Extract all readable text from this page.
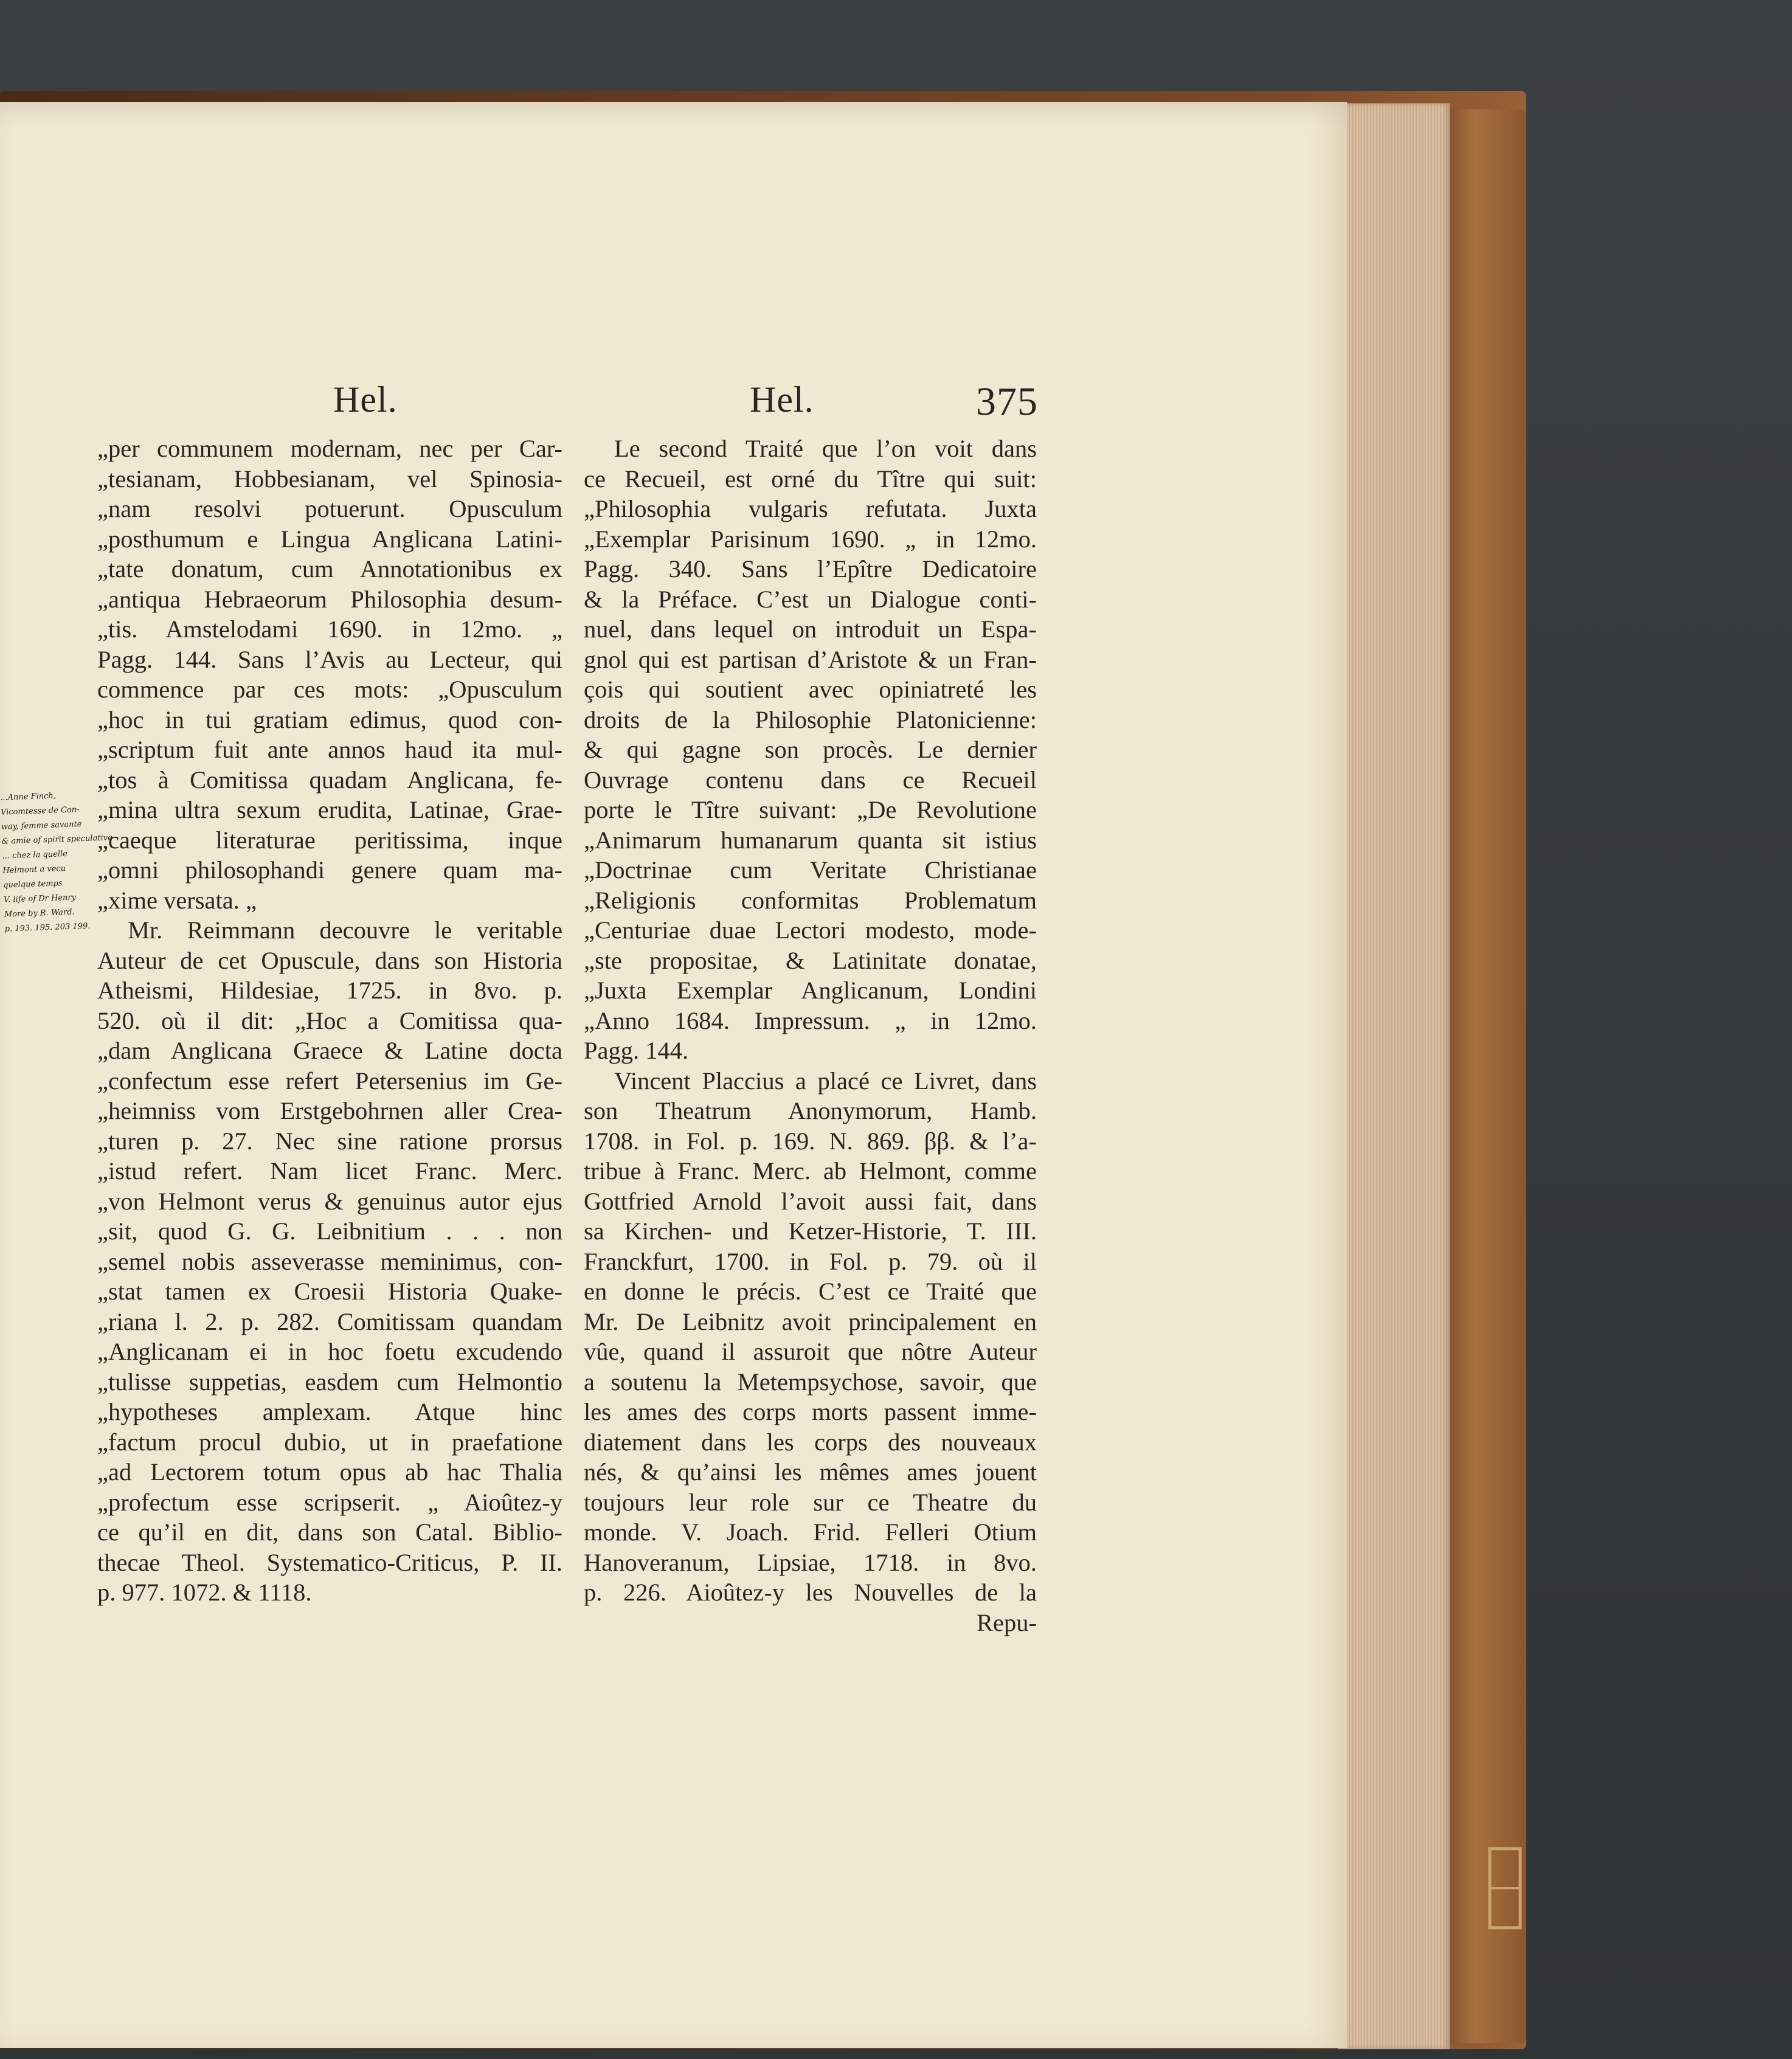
Hel.	Hel.	375
...Anne Finch,
Vicomtesse de Con-
way, femme savante
& amie of spirit speculative
... chez la quelle
Helmont a vecu
quelque temps
V. life of Dr Henry
More by R. Ward.
p. 193. 195. 203 199.
„per communem modernam, nec per Car-
„tesianam, Hobbesianam, vel Spinosia-
„nam resolvi potuerunt. Opusculum
„posthumum e Lingua Anglicana Latini-
„tate donatum, cum Annotationibus ex
„antiqua Hebraeorum Philosophia desum-
„tis. Amstelodami 1690. in 12mo. „
Pagg. 144. Sans l’Avis au Lecteur, qui
commence par ces mots: „Opusculum
„hoc in tui gratiam edimus, quod con-
„scriptum fuit ante annos haud ita mul-
„tos à Comitissa quadam Anglicana, fe-
„mina ultra sexum erudita, Latinae, Grae-
„caeque literaturae peritissima, inque
„omni philosophandi genere quam ma-
„xime versata. „
Mr. Reimmann decouvre le veritable
Auteur de cet Opuscule, dans son Historia
Atheismi, Hildesiae, 1725. in 8vo. p.
520. où il dit: „Hoc a Comitissa qua-
„dam Anglicana Graece & Latine docta
„confectum esse refert Petersenius im Ge-
„heimniss vom Erstgebohrnen aller Crea-
„turen p. 27. Nec sine ratione prorsus
„istud refert. Nam licet Franc. Merc.
„von Helmont verus & genuinus autor ejus
„sit, quod G. G. Leibnitium . . . non
„semel nobis asseverasse meminimus, con-
„stat tamen ex Croesii Historia Quake-
„riana l. 2. p. 282. Comitissam quandam
„Anglicanam ei in hoc foetu excudendo
„tulisse suppetias, easdem cum Helmontio
„hypotheses amplexam. Atque hinc
„factum procul dubio, ut in praefatione
„ad Lectorem totum opus ab hac Thalia
„profectum esse scripserit. „ Aioûtez-y
ce qu’il en dit, dans son Catal. Biblio-
thecae Theol. Systematico-Criticus, P. II.
p. 977. 1072. & 1118.
Le second Traité que l’on voit dans
ce Recueil, est orné du Tître qui suit:
„Philosophia vulgaris refutata. Juxta
„Exemplar Parisinum 1690. „ in 12mo.
Pagg. 340. Sans l’Epître Dedicatoire
& la Préface. C’est un Dialogue conti-
nuel, dans lequel on introduit un Espa-
gnol qui est partisan d’Aristote & un Fran-
çois qui soutient avec opiniatreté les
droits de la Philosophie Platonicienne:
& qui gagne son procès. Le dernier
Ouvrage contenu dans ce Recueil
porte le Tître suivant: „De Revolutione
„Animarum humanarum quanta sit istius
„Doctrinae cum Veritate Christianae
„Religionis conformitas Problematum
„Centuriae duae Lectori modesto, mode-
„ste propositae, & Latinitate donatae,
„Juxta Exemplar Anglicanum, Londini
„Anno 1684. Impressum. „ in 12mo.
Pagg. 144.
Vincent Placcius a placé ce Livret, dans
son Theatrum Anonymorum, Hamb.
1708. in Fol. p. 169. N. 869. ββ. & l’a-
tribue à Franc. Merc. ab Helmont, comme
Gottfried Arnold l’avoit aussi fait, dans
sa Kirchen- und Ketzer-Historie, T. III.
Franckfurt, 1700. in Fol. p. 79. où il
en donne le précis. C’est ce Traité que
Mr. De Leibnitz avoit principalement en
vûe, quand il assuroit que nôtre Auteur
a soutenu la Metempsychose, savoir, que
les ames des corps morts passent imme-
diatement dans les corps des nouveaux
nés, & qu’ainsi les mêmes ames jouent
toujours leur role sur ce Theatre du
monde. V. Joach. Frid. Felleri Otium
Hanoveranum, Lipsiae, 1718. in 8vo.
p. 226. Aioûtez-y les Nouvelles de la
Repu-
